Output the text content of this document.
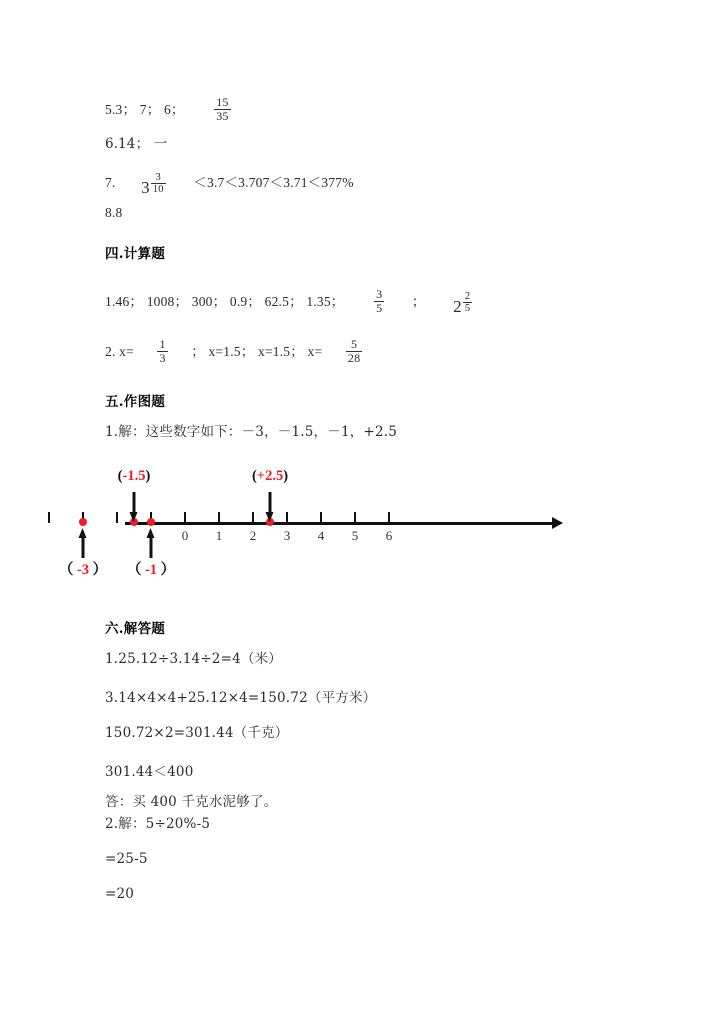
5.3； 7； 6； $\frac{15}{35}$
6. 14； 一
7. $3 \frac{3}{10} <3.7<3.707<3.71<377\%$
8.8
四.计算题
1.46； 1008； 300； 0.9； 62.5； 1.35； $\frac{3}{5}$ ； $2 \frac{2}{5}$
2. $x= \frac{1}{3}$ ； x=1.5； x=1.5； $x= \frac{5}{28}$
五.作图题
1.解：这些数字如下：－3，－1.5，－1，+2.5
0 1 2 3 4 5 6
(-1.5)	(+2.5)
（ -3 ） （ -1 ）
六.解答题
1.25.12÷3.14÷2=4（米）
3.14×4×4+25.12×4=150.72（平方米）
150.72×2=301.44（千克）
301.44＜400
答：买 400 千克水泥够了。
2.解：5÷20%-5
=25-5
=20
